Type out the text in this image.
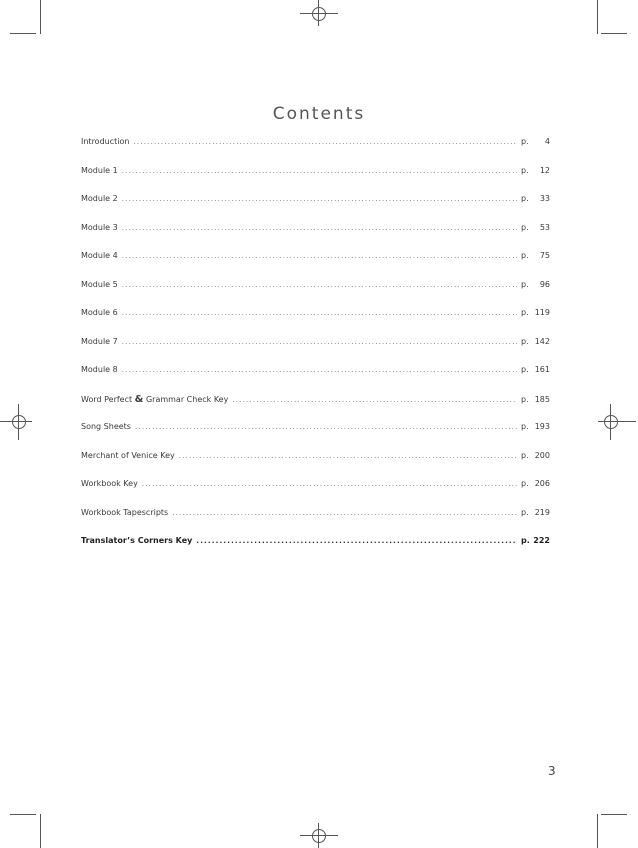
Contents
Introduction .....	p.	4
Module 1 .....	p.	12
Module 2 .....	p.	33
Module 3 .....	p.	53
Module 4 .....	p.	75
Module 5 .....	p.	96
Module 6 .....	p. 119
Module 7 .....	p. 142
Module 8 .....	p. 161
Word Perfect & Grammar Check Key .....	p. 185
Song Sheets .....	p. 193
Merchant of Venice Key .....	p. 200
Workbook Key .....	p. 206
Workbook Tapescripts .....	p. 219
Translator’s Corners Key .....	p. 222
3
